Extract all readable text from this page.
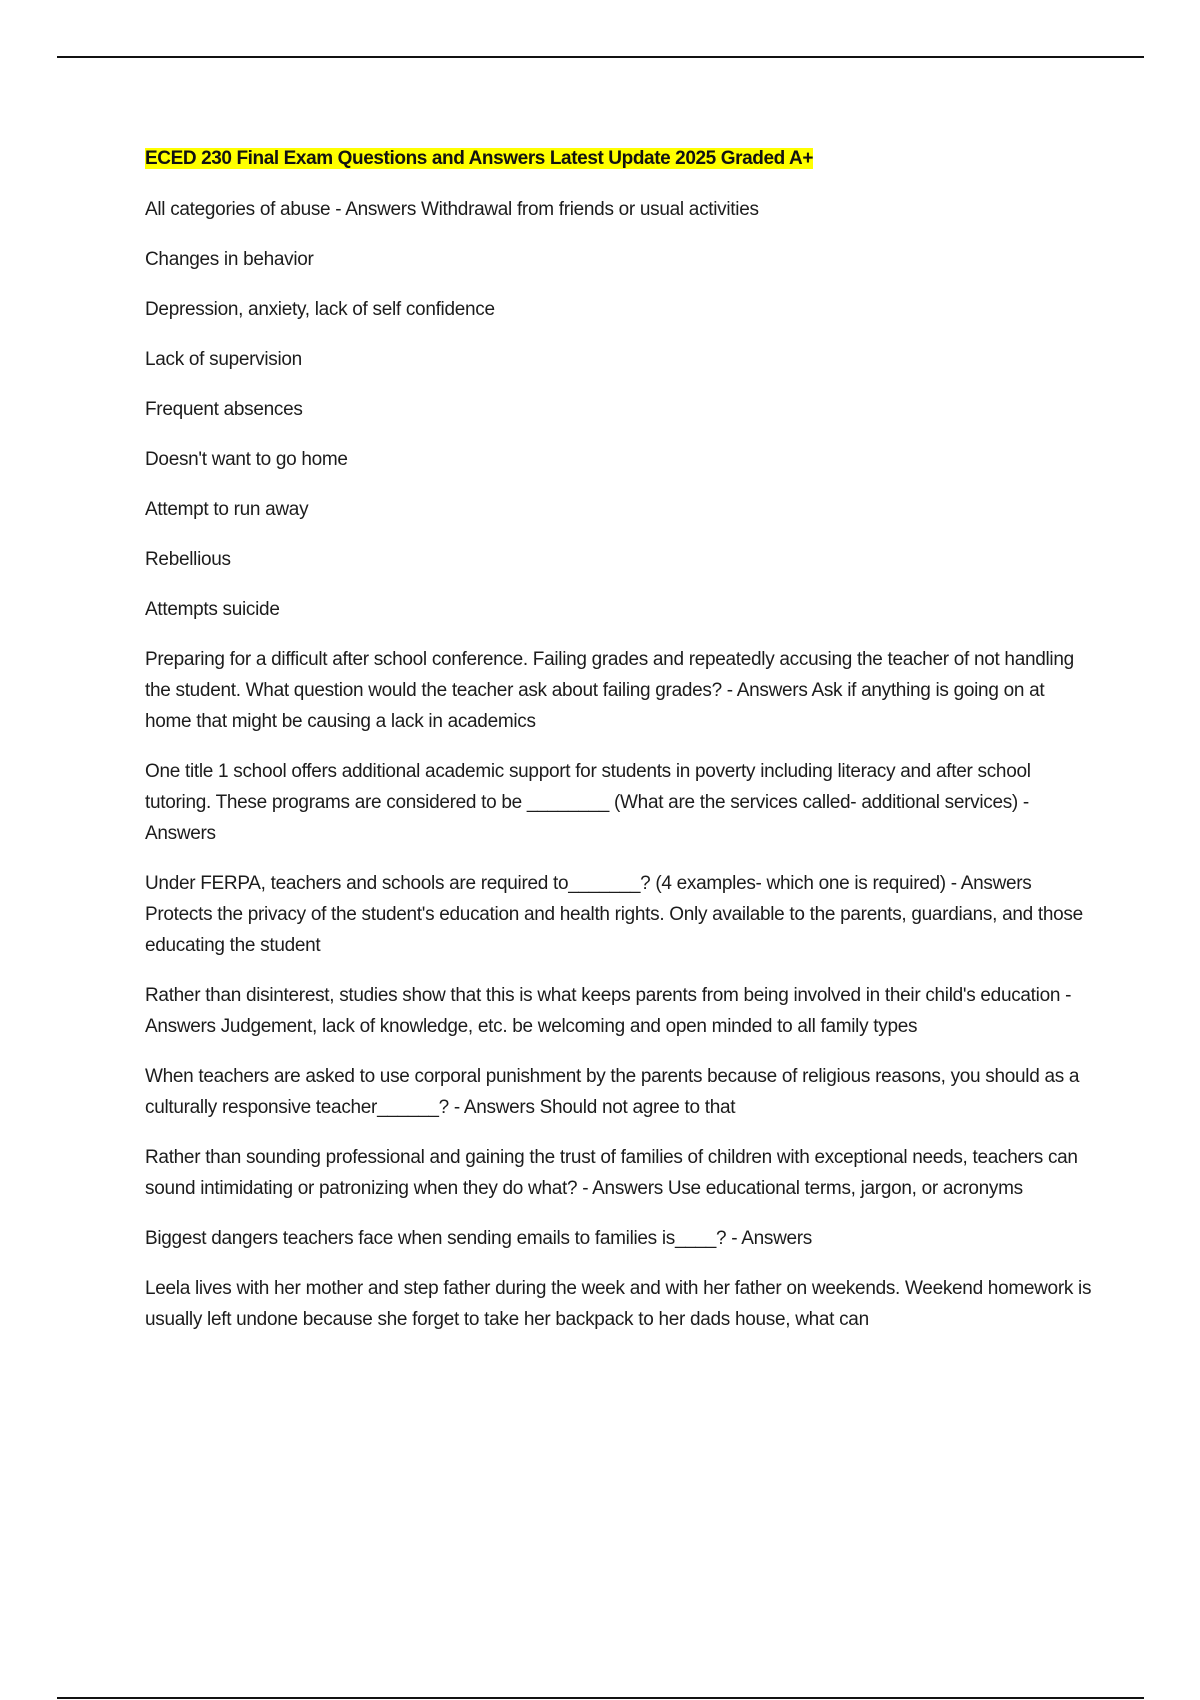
ECED 230 Final Exam Questions and Answers Latest Update 2025 Graded A+

All categories of abuse - Answers Withdrawal from friends or usual activities

Changes in behavior

Depression, anxiety, lack of self confidence

Lack of supervision

Frequent absences

Doesn't want to go home

Attempt to run away

Rebellious

Attempts suicide

Preparing for a difficult after school conference. Failing grades and repeatedly accusing the teacher of not handling the student. What question would the teacher ask about failing grades? - Answers Ask if anything is going on at home that might be causing a lack in academics

One title 1 school offers additional academic support for students in poverty including literacy and after school tutoring. These programs are considered to be ________ (What are the services called- additional services) - Answers

Under FERPA, teachers and schools are required to_______? (4 examples- which one is required) - Answers Protects the privacy of the student's education and health rights. Only available to the parents, guardians, and those educating the student

Rather than disinterest, studies show that this is what keeps parents from being involved in their child's education - Answers Judgement, lack of knowledge, etc. be welcoming and open minded to all family types

When teachers are asked to use corporal punishment by the parents because of religious reasons, you should as a culturally responsive teacher______? - Answers Should not agree to that

Rather than sounding professional and gaining the trust of families of children with exceptional needs, teachers can sound intimidating or patronizing when they do what? - Answers Use educational terms, jargon, or acronyms

Biggest dangers teachers face when sending emails to families is____? - Answers

Leela lives with her mother and step father during the week and with her father on weekends. Weekend homework is usually left undone because she forget to take her backpack to her dads house, what can
